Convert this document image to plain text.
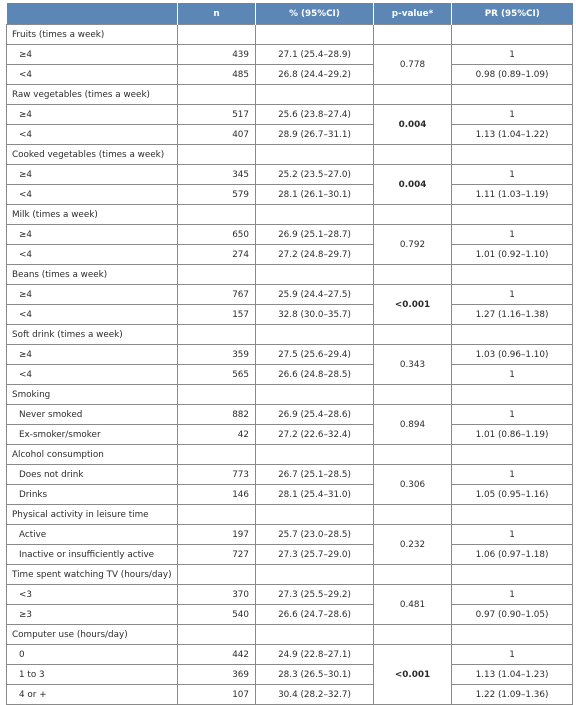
	n	% (95%CI)	p-value*	PR (95%CI)
Fruits (times a week)				
≥4	439	27.1 (25.4–28.9)	0.778	1
<4	485	26.8 (24.4–29.2)		0.98 (0.89–1.09)
Raw vegetables (times a week)				
≥4	517	25.6 (23.8–27.4)	0.004	1
<4	407	28.9 (26.7–31.1)		1.13 (1.04–1.22)
Cooked vegetables (times a week)				
≥4	345	25.2 (23.5–27.0)	0.004	1
<4	579	28.1 (26.1–30.1)		1.11 (1.03–1.19)
Milk (times a week)				
≥4	650	26.9 (25.1–28.7)	0.792	1
<4	274	27.2 (24.8–29.7)		1.01 (0.92–1.10)
Beans (times a week)				
≥4	767	25.9 (24.4–27.5)	<0.001	1
<4	157	32.8 (30.0–35.7)		1.27 (1.16–1.38)
Soft drink (times a week)				
≥4	359	27.5 (25.6–29.4)	0.343	1.03 (0.96–1.10)
<4	565	26.6 (24.8–28.5)		1
Smoking				
Never smoked	882	26.9 (25.4–28.6)	0.894	1
Ex-smoker/smoker	42	27.2 (22.6–32.4)		1.01 (0.86–1.19)
Alcohol consumption				
Does not drink	773	26.7 (25.1–28.5)	0.306	1
Drinks	146	28.1 (25.4–31.0)		1.05 (0.95–1.16)
Physical activity in leisure time				
Active	197	25.7 (23.0–28.5)	0.232	1
Inactive or insufficiently active	727	27.3 (25.7–29.0)		1.06 (0.97–1.18)
Time spent watching TV (hours/day)				
<3	370	27.3 (25.5–29.2)	0.481	1
≥3	540	26.6 (24.7–28.6)		0.97 (0.90–1.05)
Computer use (hours/day)				
0	442	24.9 (22.8–27.1)	<0.001	1
1 to 3	369	28.3 (26.5–30.1)		1.13 (1.04–1.23)
4 or +	107	30.4 (28.2–32.7)		1.22 (1.09–1.36)
